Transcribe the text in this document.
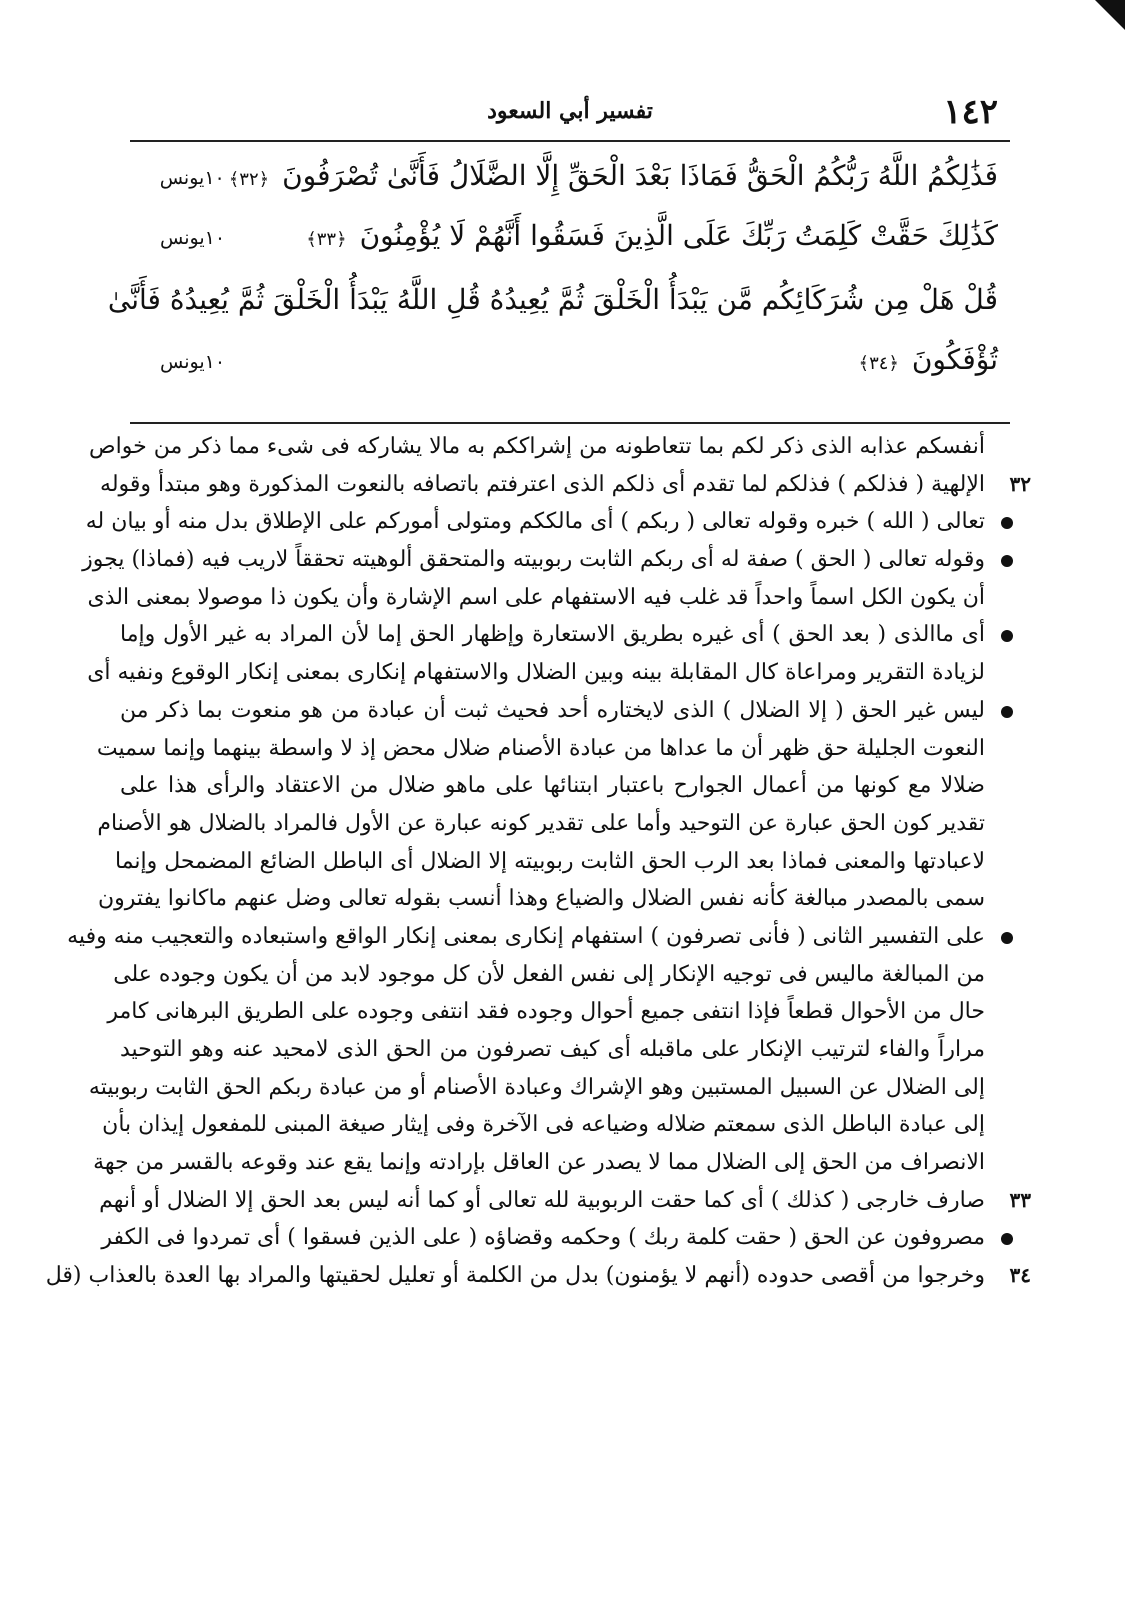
١٤٢
تفسير أبي السعود
فَذَٰلِكُمُ اللَّهُ رَبُّكُمُ الْحَقُّ فَمَاذَا بَعْدَ الْحَقِّ إِلَّا الضَّلَالُ فَأَنَّىٰ تُصْرَفُونَ ﴿٣٢﴾
١٠يونس
كَذَٰلِكَ حَقَّتْ كَلِمَتُ رَبِّكَ عَلَى الَّذِينَ فَسَقُوا أَنَّهُمْ لَا يُؤْمِنُونَ ﴿٣٣﴾
١٠يونس
قُلْ هَلْ مِن شُرَكَائِكُم مَّن يَبْدَأُ الْخَلْقَ ثُمَّ يُعِيدُهُ قُلِ اللَّهُ يَبْدَأُ الْخَلْقَ ثُمَّ يُعِيدُهُ فَأَنَّىٰ
تُؤْفَكُونَ ﴿٣٤﴾
١٠يونس
أنفسكم عذابه الذى ذكر لكم بما تتعاطونه من إشراككم به مالا يشاركه فى شىء مما ذكر من خواص
٣٢
الإلهية ( فذلكم ) فذلكم لما تقدم أى ذلكم الذى اعترفتم باتصافه بالنعوت المذكورة وهو مبتدأ وقوله
تعالى ( الله ) خبره وقوله تعالى ( ربكم ) أى مالككم ومتولى أموركم على الإطلاق بدل منه أو بيان له
وقوله تعالى ( الحق ) صفة له أى ربكم الثابت ربوبيته والمتحقق ألوهيته تحققاً لاريب فيه (فماذا) يجوز
أن يكون الكل اسماً واحداً قد غلب فيه الاستفهام على اسم الإشارة وأن يكون ذا موصولا بمعنى الذى
أى ماالذى ( بعد الحق ) أى غيره بطريق الاستعارة وإظهار الحق إما لأن المراد به غير الأول وإما
لزيادة التقرير ومراعاة كال المقابلة بينه وبين الضلال والاستفهام إنكارى بمعنى إنكار الوقوع ونفيه أى
ليس غير الحق ( إلا الضلال ) الذى لايختاره أحد فحيث ثبت أن عبادة من هو منعوت بما ذكر من
النعوت الجليلة حق ظهر أن ما عداها من عبادة الأصنام ضلال محض إذ لا واسطة بينهما وإنما سميت
ضلالا مع كونها من أعمال الجوارح باعتبار ابتنائها على ماهو ضلال من الاعتقاد والرأى هذا على
تقدير كون الحق عبارة عن التوحيد وأما على تقدير كونه عبارة عن الأول فالمراد بالضلال هو الأصنام
لاعبادتها والمعنى فماذا بعد الرب الحق الثابت ربوبيته إلا الضلال أى الباطل الضائع المضمحل وإنما
سمى بالمصدر مبالغة كأنه نفس الضلال والضياع وهذا أنسب بقوله تعالى وضل عنهم ماكانوا يفترون
على التفسير الثانى ( فأنى تصرفون ) استفهام إنكارى بمعنى إنكار الواقع واستبعاده والتعجيب منه وفيه
من المبالغة ماليس فى توجيه الإنكار إلى نفس الفعل لأن كل موجود لابد من أن يكون وجوده على
حال من الأحوال قطعاً فإذا انتفى جميع أحوال وجوده فقد انتفى وجوده على الطريق البرهانى كامر
مراراً والفاء لترتيب الإنكار على ماقبله أى كيف تصرفون من الحق الذى لامحيد عنه وهو التوحيد
إلى الضلال عن السبيل المستبين وهو الإشراك وعبادة الأصنام أو من عبادة ربكم الحق الثابت ربوبيته
إلى عبادة الباطل الذى سمعتم ضلاله وضياعه فى الآخرة وفى إيثار صيغة المبنى للمفعول إيذان بأن
الانصراف من الحق إلى الضلال مما لا يصدر عن العاقل بإرادته وإنما يقع عند وقوعه بالقسر من جهة
٣٣
صارف خارجى ( كذلك ) أى كما حقت الربوبية لله تعالى أو كما أنه ليس بعد الحق إلا الضلال أو أنهم
مصروفون عن الحق ( حقت كلمة ربك ) وحكمه وقضاؤه ( على الذين فسقوا ) أى تمردوا فى الكفر
٣٤
وخرجوا من أقصى حدوده (أنهم لا يؤمنون) بدل من الكلمة أو تعليل لحقيتها والمراد بها العدة بالعذاب (قل
